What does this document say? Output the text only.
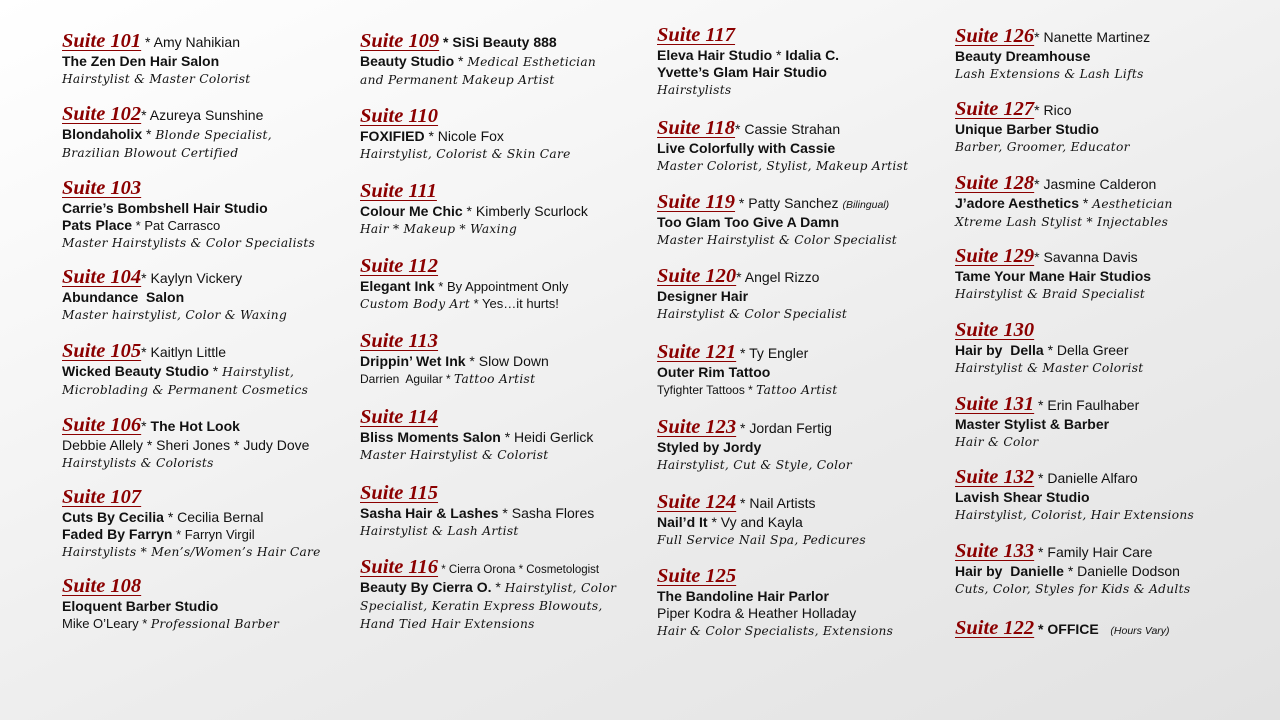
Suite 101 * Amy Nahikian
The Zen Den Hair Salon
Hairstylist & Master Colorist
Suite 102* Azureya Sunshine
Blondaholix * Blonde Specialist,
Brazilian Blowout Certified
Suite 103
Carrie’s Bombshell Hair Studio
Pats Place * Pat Carrasco
Master Hairstylists & Color Specialists
Suite 104* Kaylyn Vickery
Abundance  Salon
Master hairstylist, Color & Waxing
Suite 105* Kaitlyn Little
Wicked Beauty Studio * Hairstylist,
Microblading & Permanent Cosmetics
Suite 106* The Hot Look
Debbie Allely * Sheri Jones * Judy Dove
Hairstylists & Colorists
Suite 107
Cuts By Cecilia * Cecilia Bernal
Faded By Farryn * Farryn Virgil
Hairstylists * Men’s/Women’s Hair Care
Suite 108
Eloquent Barber Studio
Mike O’Leary * Professional Barber
Suite 109 * SiSi Beauty 888
Beauty Studio * Medical Esthetician
and Permanent Makeup Artist
Suite 110
FOXIFIED * Nicole Fox
Hairstylist, Colorist & Skin Care
Suite 111
Colour Me Chic * Kimberly Scurlock
Hair * Makeup * Waxing
Suite 112
Elegant Ink * By Appointment Only
Custom Body Art * Yes…it hurts!
Suite 113
Drippin’ Wet Ink * Slow Down
Darrien  Aguilar * Tattoo Artist
Suite 114
Bliss Moments Salon * Heidi Gerlick
Master Hairstylist & Colorist
Suite 115
Sasha Hair & Lashes * Sasha Flores
Hairstylist & Lash Artist
Suite 116 * Cierra Orona * Cosmetologist
Beauty By Cierra O. * Hairstylist, Color
Specialist, Keratin Express Blowouts,
Hand Tied Hair Extensions
Suite 117
Eleva Hair Studio * Idalia C.
Yvette’s Glam Hair Studio
Hairstylists
Suite 118* Cassie Strahan
Live Colorfully with Cassie
Master Colorist, Stylist, Makeup Artist
Suite 119 * Patty Sanchez (Bilingual)
Too Glam Too Give A Damn
Master Hairstylist & Color Specialist
Suite 120* Angel Rizzo
Designer Hair
Hairstylist & Color Specialist
Suite 121 * Ty Engler
Outer Rim Tattoo
Tyfighter Tattoos * Tattoo Artist
Suite 123 * Jordan Fertig
Styled by Jordy
Hairstylist, Cut & Style, Color
Suite 124 * Nail Artists
Nail’d It * Vy and Kayla
Full Service Nail Spa, Pedicures
Suite 125
The Bandoline Hair Parlor
Piper Kodra & Heather Holladay
Hair & Color Specialists, Extensions
Suite 126* Nanette Martinez
Beauty Dreamhouse
Lash Extensions & Lash Lifts
Suite 127* Rico
Unique Barber Studio
Barber, Groomer, Educator
Suite 128* Jasmine Calderon
J’adore Aesthetics * Aesthetician
Xtreme Lash Stylist * Injectables
Suite 129* Savanna Davis
Tame Your Mane Hair Studios
Hairstylist & Braid Specialist
Suite 130
Hair by  Della * Della Greer
Hairstylist & Master Colorist
Suite 131 * Erin Faulhaber
Master Stylist & Barber
Hair & Color
Suite 132 * Danielle Alfaro
Lavish Shear Studio
Hairstylist, Colorist, Hair Extensions
Suite 133 * Family Hair Care
Hair by  Danielle * Danielle Dodson
Cuts, Color, Styles for Kids & Adults
Suite 122 * OFFICE    (Hours Vary)
